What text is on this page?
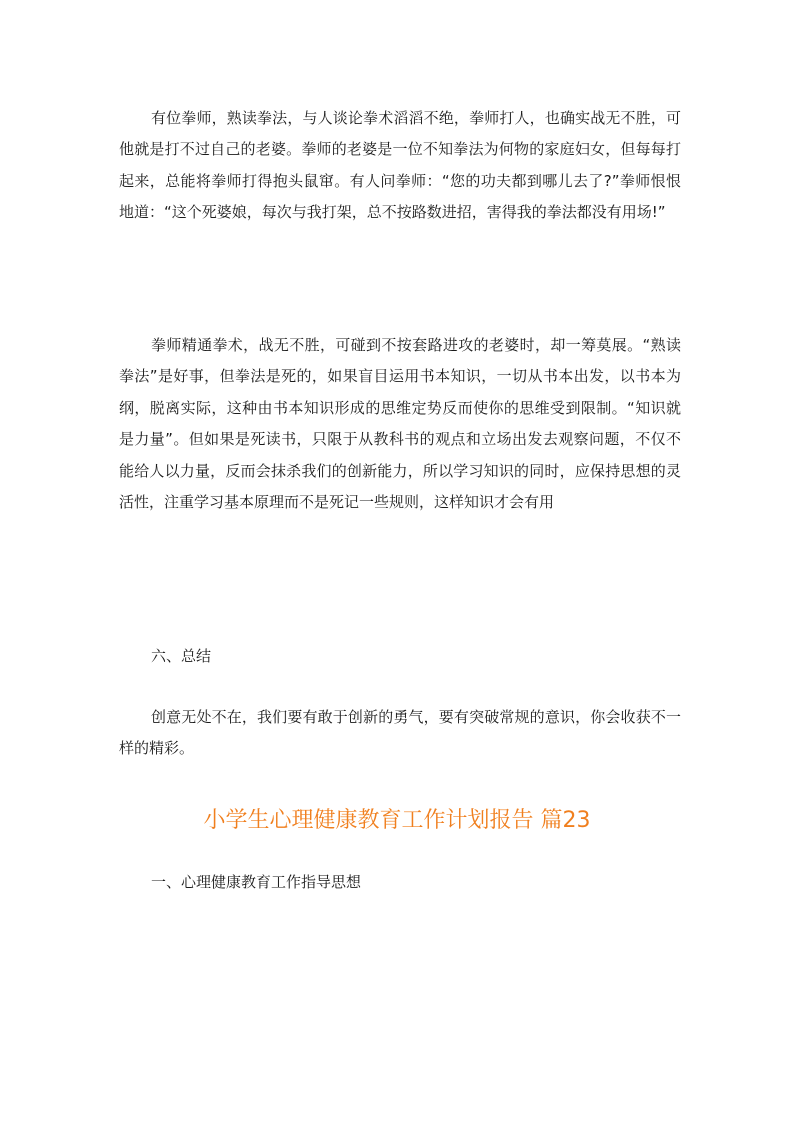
有位拳师，熟读拳法，与人谈论拳术滔滔不绝，拳师打人，也确实战无不胜，可他就是打不过自己的老婆。拳师的老婆是一位不知拳法为何物的家庭妇女，但每每打起来，总能将拳师打得抱头鼠窜。有人问拳师：“您的功夫都到哪儿去了?”拳师恨恨地道：“这个死婆娘，每次与我打架，总不按路数进招，害得我的拳法都没有用场!”

拳师精通拳术，战无不胜，可碰到不按套路进攻的老婆时，却一筹莫展。“熟读拳法”是好事，但拳法是死的，如果盲目运用书本知识，一切从书本出发，以书本为纲，脱离实际，这种由书本知识形成的思维定势反而使你的思维受到限制。“知识就是力量”。但如果是死读书，只限于从教科书的观点和立场出发去观察问题，不仅不能给人以力量，反而会抹杀我们的创新能力，所以学习知识的同时，应保持思想的灵活性，注重学习基本原理而不是死记一些规则，这样知识才会有用

六、总结

创意无处不在，我们要有敢于创新的勇气，要有突破常规的意识，你会收获不一样的精彩。

小学生心理健康教育工作计划报告 篇23

一、心理健康教育工作指导思想
